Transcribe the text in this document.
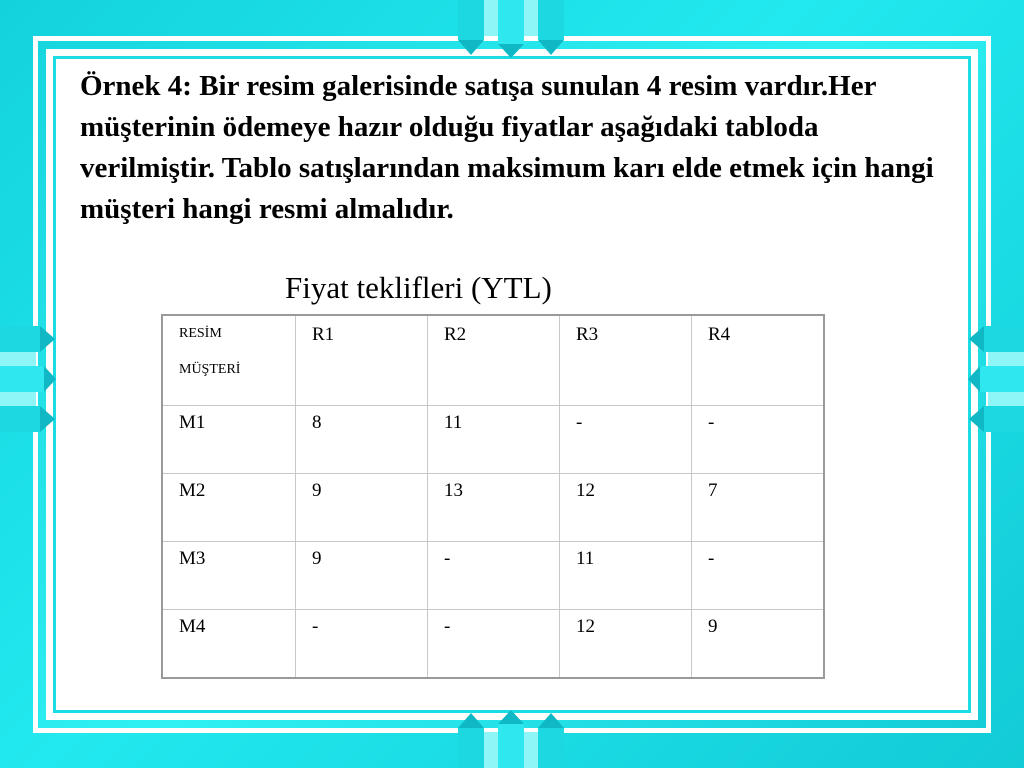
Örnek 4: Bir resim galerisinde satışa sunulan 4 resim vardır.Her müşterinin ödemeye hazır olduğu fiyatlar aşağıdaki tabloda verilmiştir. Tablo satışlarından maksimum karı elde etmek için hangi müşteri hangi resmi almalıdır.
Fiyat teklifleri (YTL)
RESİM
MÜŞTERİ	R1	R2	R3	R4
M1	8	11	-	-
M2	9	13	12	7
M3	9	-	11	-
M4	-	-	12	9
